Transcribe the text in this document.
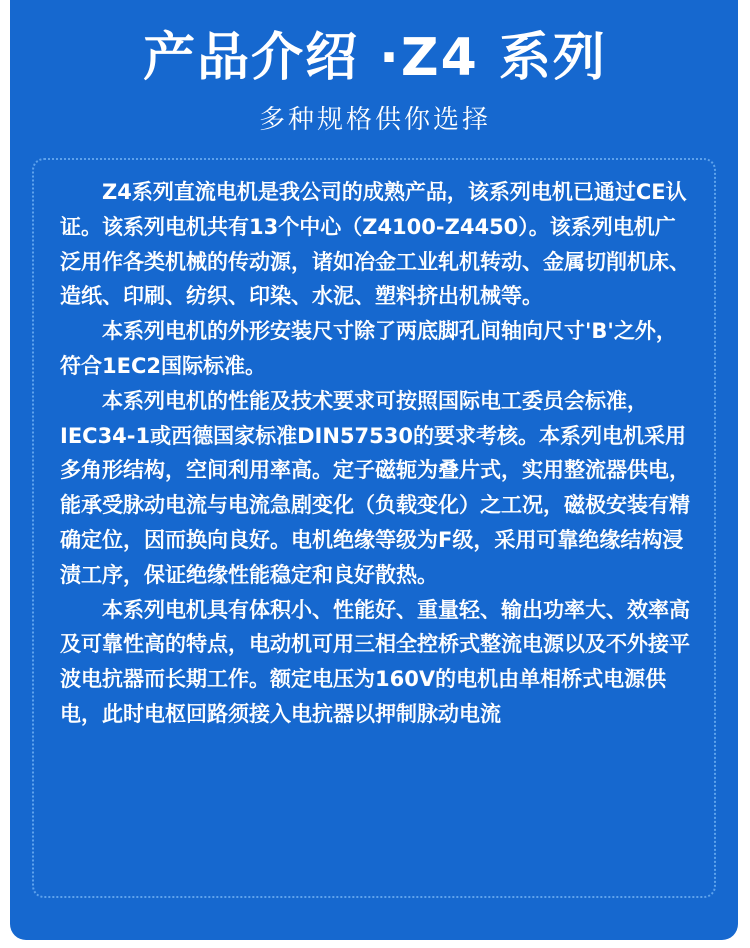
产品介绍 ·Z4 系列
多种规格供你选择

Z4系列直流电机是我公司的成熟产品，该系列电机已通过CE认证。该系列电机共有13个中心（Z4100-Z4450）。该系列电机广泛用作各类机械的传动源，诸如冶金工业轧机转动、金属切削机床、造纸、印刷、纺织、印染、水泥、塑料挤出机械等。

本系列电机的外形安装尺寸除了两底脚孔间轴向尺寸'B'之外，符合1EC2国际标准。

本系列电机的性能及技术要求可按照国际电工委员会标准，IEC34-1或西德国家标准DIN57530的要求考核。本系列电机采用多角形结构，空间利用率高。定子磁轭为叠片式，实用整流器供电，能承受脉动电流与电流急剧变化（负载变化）之工况，磁极安装有精确定位，因而换向良好。电机绝缘等级为F级，采用可靠绝缘结构浸渍工序，保证绝缘性能稳定和良好散热。

本系列电机具有体积小、性能好、重量轻、输出功率大、效率高及可靠性高的特点，电动机可用三相全控桥式整流电源以及不外接平波电抗器而长期工作。额定电压为160V的电机由单相桥式电源供电，此时电枢回路须接入电抗器以押制脉动电流
